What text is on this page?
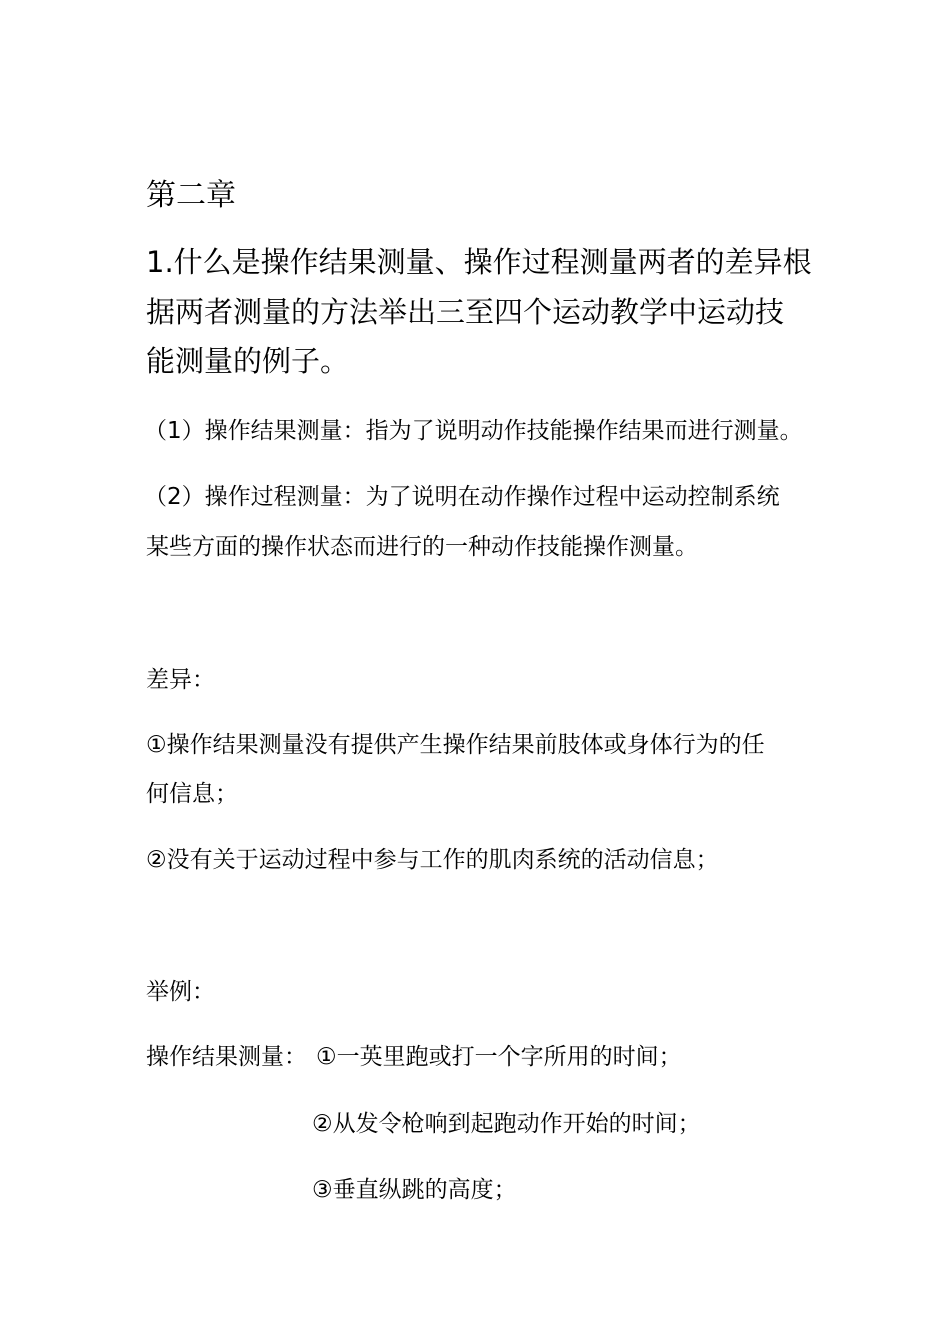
第二章
1.什么是操作结果测量、操作过程测量两者的差异根
据两者测量的方法举出三至四个运动教学中运动技
能测量的例子。
（1）操作结果测量：指为了说明动作技能操作结果而进行测量。
（2）操作过程测量：为了说明在动作操作过程中运动控制系统
某些方面的操作状态而进行的一种动作技能操作测量。
差异：
①操作结果测量没有提供产生操作结果前肢体或身体行为的任
何信息；
②没有关于运动过程中参与工作的肌肉系统的活动信息；
举例：
操作结果测量： ①一英里跑或打一个字所用的时间；
②从发令枪响到起跑动作开始的时间；
③垂直纵跳的高度；
